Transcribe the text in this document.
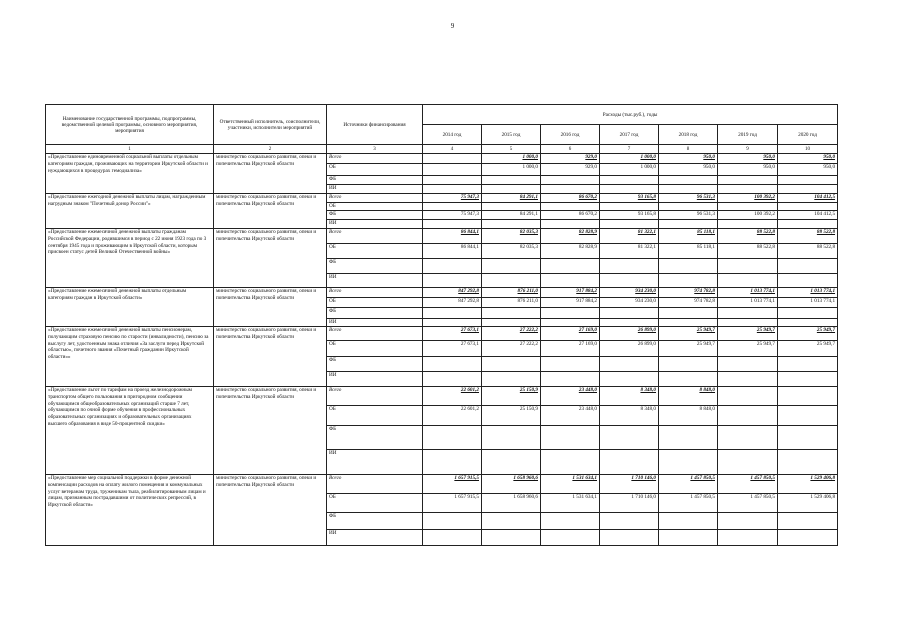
9
Наименование государственной программы, подпрограммы, ведомственной целевой программы, основного мероприятия, мероприятия	Ответственный исполнитель, соисполнители, участники, исполнители мероприятий	Источники финансирования	Расходы (тыс.руб.), годы						
			2014 год	2015 год	2016 год	2017 год	2018 год	2019 год	2020 год
1	2	3	4	5	6	7	8	9	10
«Предоставление единовременной социальной выплаты отдельным категориям граждан, проживающих на территории Иркутской области и нуждающихся в процедурах гемодиализа»	министерство социального развития, опеки и попечительства Иркутской области	Всего		1 000,0	929,0	1 000,0	950,0	950,0	950,0
		ОБ		1 000,0	929,0	1 000,0	950,0	950,0	950,0
		ФБ							
		ИИ							
«Предоставление ежегодной денежной выплаты лицам, награжденным нагрудным знаком "Почетный донор России"»	министерство социального развития, опеки и попечительства Иркутской области	Всего	75 947,3	84 291,1	86 670,2	93 165,8	96 531,3	100 392,2	104 412,5
		ОБ							
		ФБ	75 947,3	84 291,1	86 670,2	93 165,8	96 531,3	100 392,2	104 412,5
		ИИ							
«Предоставление ежемесячной денежной выплаты гражданам Российской Федерации, родившимся в период с 22 июня 1923 года по 3 сентября 1945 года и проживающим в Иркутской области, которым присвоен статус детей Великой Отечественной войны»	министерство социального развития, опеки и попечительства Иркутской области	Всего	86 844,1	82 035,3	82 828,9	81 322,1	85 118,1	88 522,8	88 522,8
		ОБ	86 844,1	82 035,3	82 828,9	81 322,1	85 118,1	88 522,8	88 522,8
		ФБ							
		ИИ							
«Предоставление ежемесячной денежной выплаты отдельным категориям граждан в Иркутской области»	министерство социального развития, опеки и попечительства Иркутской области	Всего	847 292,8	876 211,0	917 884,2	934 230,0	974 782,8	1 013 774,1	1 013 774,1
		ОБ	847 292,8	876 211,0	917 884,2	934 230,0	974 782,8	1 013 774,1	1 013 774,1
		ФБ							
		ИИ							
«Предоставление ежемесячной денежной выплаты пенсионерам, получающим страховую пенсию по старости (инвалидности), пенсию за выслугу лет, удостоенным знака отличия «За заслуги перед Иркутской областью», почетного звания «Почетный гражданин Иркутской области»»	министерство социального развития, опеки и попечительства Иркутской области	Всего	27 673,1	27 222,2	27 169,0	26 899,0	25 949,7	25 949,7	25 949,7
		ОБ	27 673,1	27 222,2	27 169,0	26 899,0	25 949,7	25 949,7	25 949,7
		ФБ							
		ИИ							
«Предоставление льгот по тарифам на проезд железнодорожным транспортом общего пользования в пригородном сообщении обучающимся общеобразовательных организаций старше 7 лет, обучающимся по очной форме обучения в профессиональных образовательных организациях и образовательных организациях высшего образования в виде 50-процентной скидки»	министерство социального развития, опеки и попечительства Иркутской области	Всего	22 601,2	25 150,9	23 448,0	8 348,0	8 848,0		
		ОБ	22 601,2	25 150,9	23 448,0	8 348,0	8 848,0		
		ФБ							
		ИИ							
«Предоставление мер социальной поддержки в форме денежной компенсации расходов на оплату жилого помещения и коммунальных услуг ветеранам труда, труженикам тыла, реабилитированным лицам и лицам, признанным пострадавшими от политических репрессий, в Иркутской области»	министерство социального развития, опеки и попечительства Иркутской области	Всего	1 657 915,5	1 658 960,6	1 531 634,1	1 710 146,0	1 457 850,5	1 457 850,5	1 529 406,8
		ОБ	1 657 915,5	1 658 960,6	1 531 634,1	1 710 146,0	1 457 850,5	1 457 850,5	1 529 406,8
		ФБ							
		ИИ							
